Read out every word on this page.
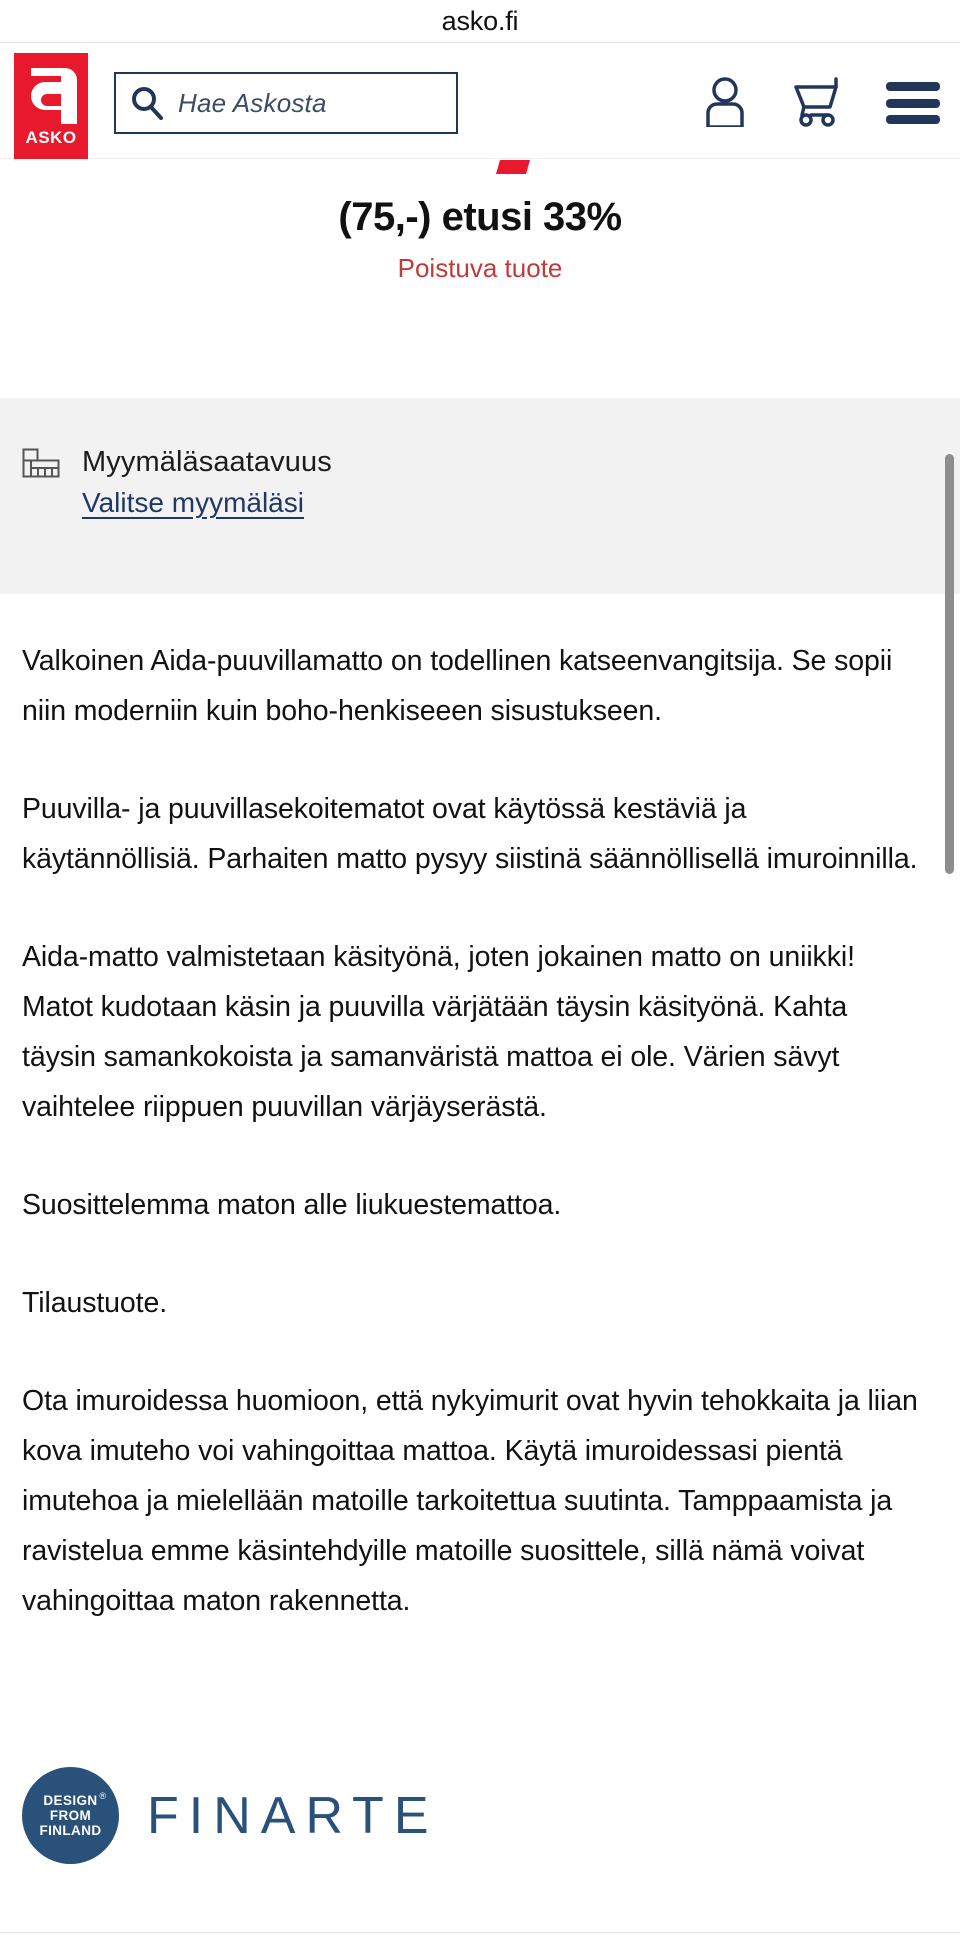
asko.fi
ASKO
Hae Askosta
(75,-) etusi 33%
Poistuva tuote
Myymäläsaatavuus
Valitse myymäläsi

Valkoinen Aida-puuvillamatto on todellinen katseenvangitsija. Se sopii niin moderniin kuin boho-henkiseeen sisustukseen.

Puuvilla- ja puuvillasekoitematot ovat käytössä kestäviä ja käytännöllisiä. Parhaiten matto pysyy siistinä säännöllisellä imuroinnilla.

Aida-matto valmistetaan käsityönä, joten jokainen matto on uniikki! Matot kudotaan käsin ja puuvilla värjätään täysin käsityönä. Kahta täysin samankokoista ja samanväristä mattoa ei ole. Värien sävyt vaihtelee riippuen puuvillan värjäyserästä.

Suosittelemma maton alle liukuestemattoa.

Tilaustuote.

Ota imuroidessa huomioon, että nykyimurit ovat hyvin tehokkaita ja liian kova imuteho voi vahingoittaa mattoa. Käytä imuroidessasi pientä imutehoa ja mielellään matoille tarkoitettua suutinta. Tamppaamista ja ravistelua emme käsintehdyille matoille suosittele, sillä nämä voivat vahingoittaa maton rakennetta.

DESIGN
FROM
FINLAND
® FINARTE
